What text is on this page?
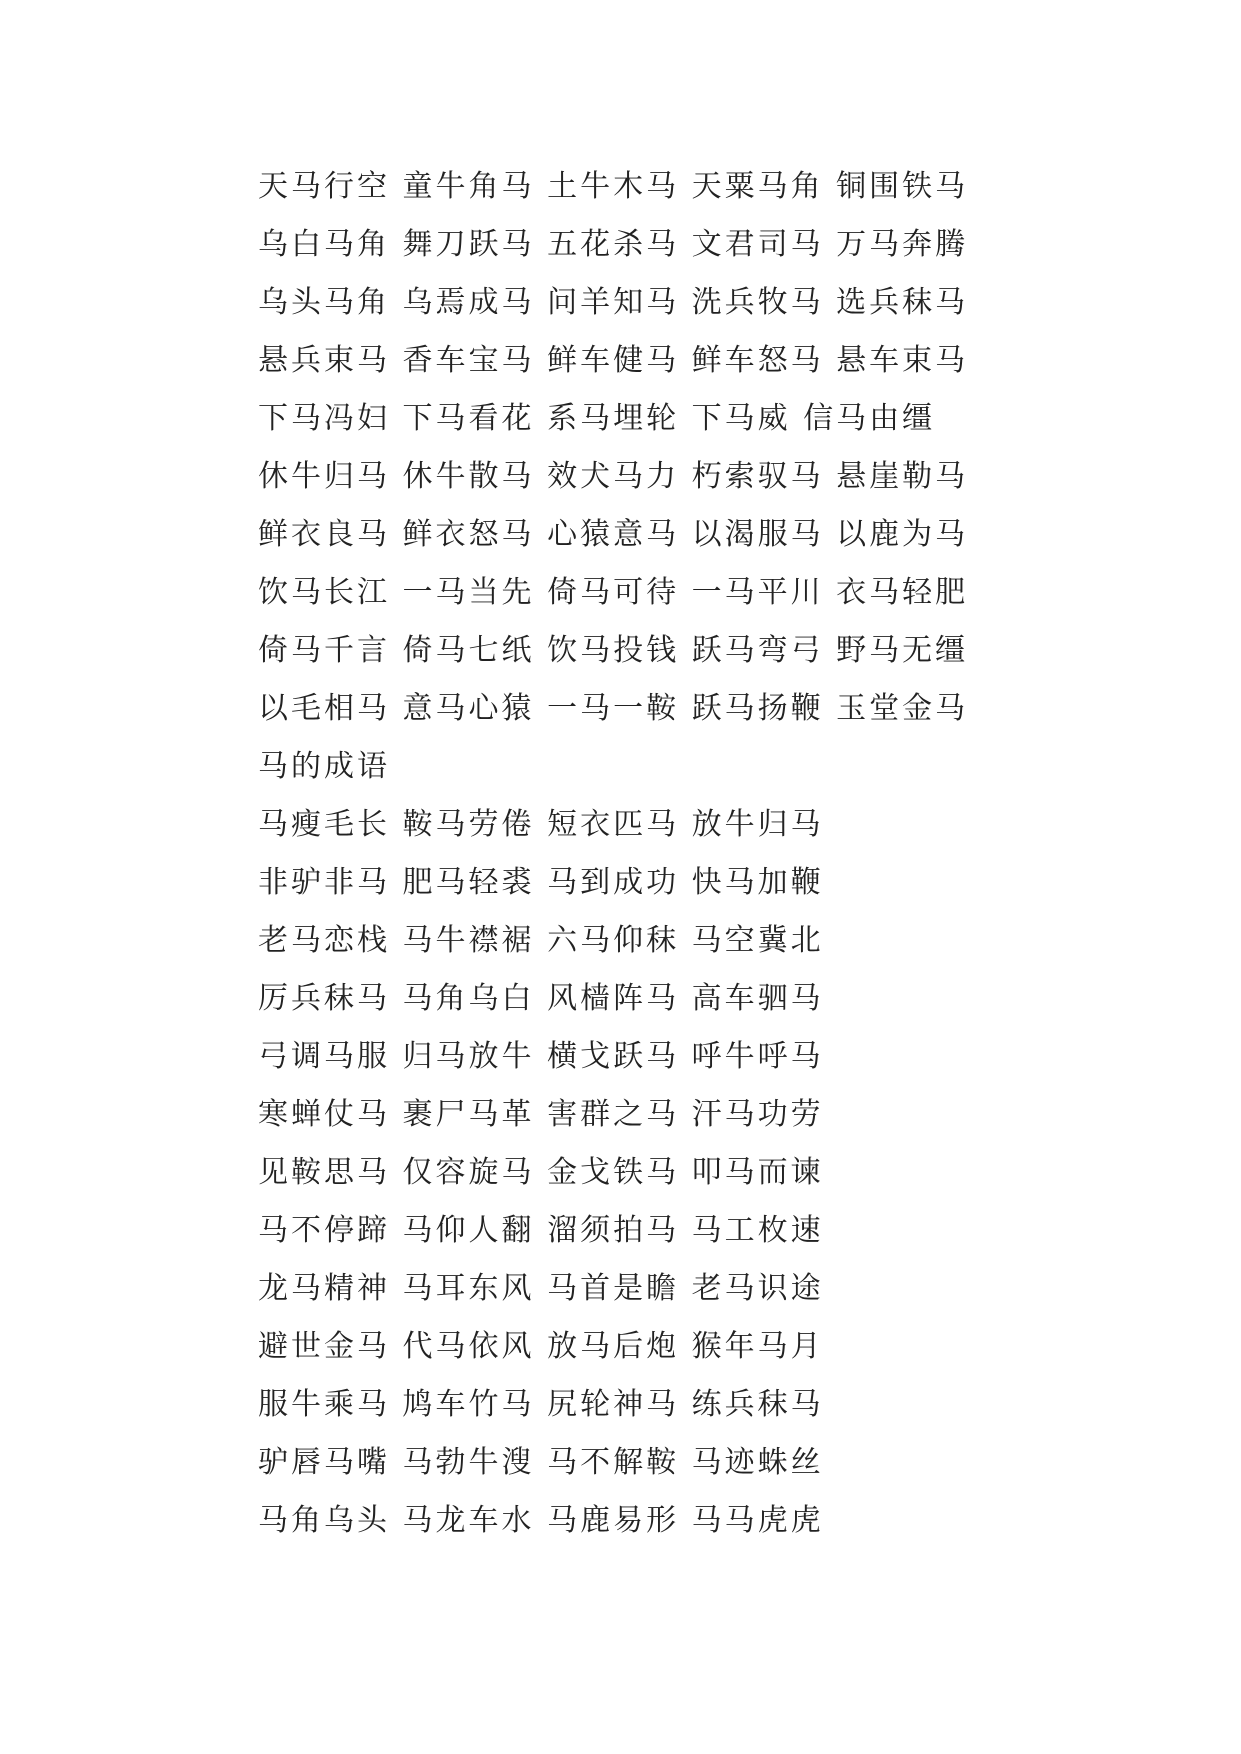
天马行空 童牛角马 土牛木马 天粟马角 铜围铁马
乌白马角 舞刀跃马 五花杀马 文君司马 万马奔腾
乌头马角 乌焉成马 问羊知马 洗兵牧马 选兵秣马
悬兵束马 香车宝马 鲜车健马 鲜车怒马 悬车束马
下马冯妇 下马看花 系马埋轮 下马威 信马由缰
休牛归马 休牛散马 效犬马力 朽索驭马 悬崖勒马
鲜衣良马 鲜衣怒马 心猿意马 以渴服马 以鹿为马
饮马长江 一马当先 倚马可待 一马平川 衣马轻肥
倚马千言 倚马七纸 饮马投钱 跃马弯弓 野马无缰
以毛相马 意马心猿 一马一鞍 跃马扬鞭 玉堂金马
马的成语
马瘦毛长 鞍马劳倦 短衣匹马 放牛归马
非驴非马 肥马轻裘 马到成功 快马加鞭
老马恋栈 马牛襟裾 六马仰秣 马空冀北
厉兵秣马 马角乌白 风樯阵马 高车驷马
弓调马服 归马放牛 横戈跃马 呼牛呼马
寒蝉仗马 裹尸马革 害群之马 汗马功劳
见鞍思马 仅容旋马 金戈铁马 叩马而谏
马不停蹄 马仰人翻 溜须拍马 马工枚速
龙马精神 马耳东风 马首是瞻 老马识途
避世金马 代马依风 放马后炮 猴年马月
服牛乘马 鸠车竹马 尻轮神马 练兵秣马
驴唇马嘴 马勃牛溲 马不解鞍 马迹蛛丝
马角乌头 马龙车水 马鹿易形 马马虎虎
